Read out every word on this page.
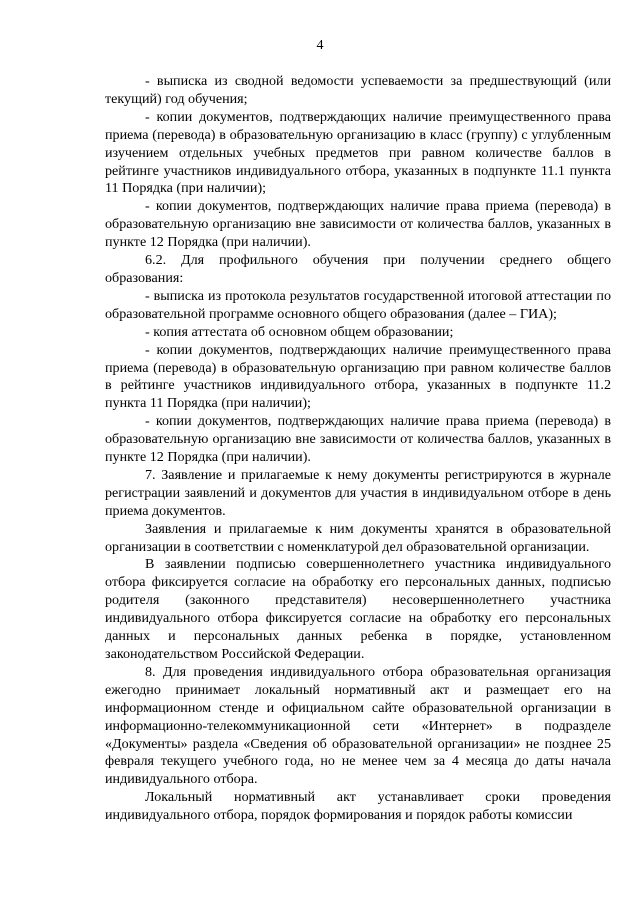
4

- выписка из сводной ведомости успеваемости за предшествующий (или текущий) год обучения;

- копии документов, подтверждающих наличие преимущественного права приема (перевода) в образовательную организацию в класс (группу) с углубленным изучением отдельных учебных предметов при равном количестве баллов в рейтинге участников индивидуального отбора, указанных в подпункте 11.1 пункта 11 Порядка (при наличии);

- копии документов, подтверждающих наличие права приема (перевода) в образовательную организацию вне зависимости от количества баллов, указанных в пункте 12 Порядка (при наличии).

6.2. Для профильного обучения при получении среднего общего образования:

- выписка из протокола результатов государственной итоговой аттестации по образовательной программе основного общего образования (далее – ГИА);

- копия аттестата об основном общем образовании;

- копии документов, подтверждающих наличие преимущественного права приема (перевода) в образовательную организацию при равном количестве баллов в рейтинге участников индивидуального отбора, указанных в подпункте 11.2 пункта 11 Порядка (при наличии);

- копии документов, подтверждающих наличие права приема (перевода) в образовательную организацию вне зависимости от количества баллов, указанных в пункте 12 Порядка (при наличии).

7. Заявление и прилагаемые к нему документы регистрируются в журнале регистрации заявлений и документов для участия в индивидуальном отборе в день приема документов.

Заявления и прилагаемые к ним документы хранятся в образовательной организации в соответствии с номенклатурой дел образовательной организации.

В заявлении подписью совершеннолетнего участника индивидуального отбора фиксируется согласие на обработку его персональных данных, подписью родителя (законного представителя) несовершеннолетнего участника индивидуального отбора фиксируется согласие на обработку его персональных данных и персональных данных ребенка в порядке, установленном законодательством Российской Федерации.

8. Для проведения индивидуального отбора образовательная организация ежегодно принимает локальный нормативный акт и размещает его на информационном стенде и официальном сайте образовательной организации в информационно-телекоммуникационной сети «Интернет» в подразделе «Документы» раздела «Сведения об образовательной организации» не позднее 25 февраля текущего учебного года, но не менее чем за 4 месяца до даты начала индивидуального отбора.

Локальный нормативный акт устанавливает сроки проведения индивидуального отбора, порядок формирования и порядок работы комиссии
